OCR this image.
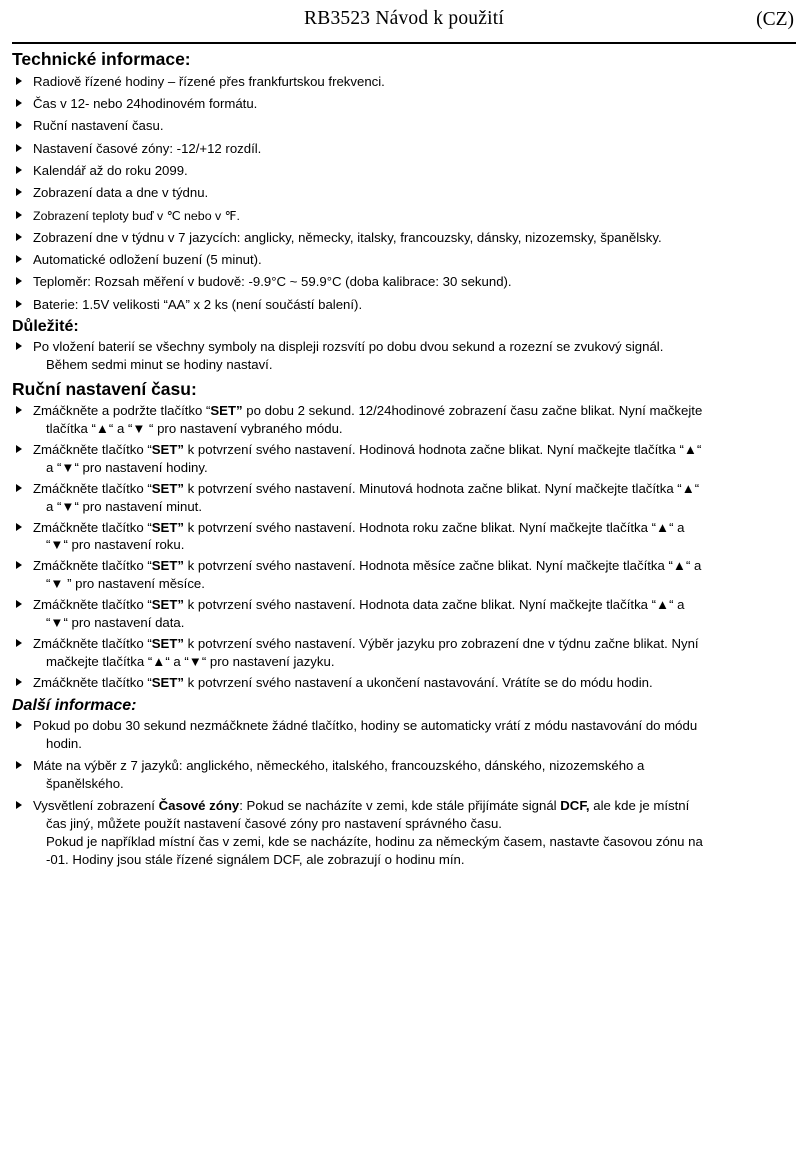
RB3523 Návod k použití	(CZ)
Technické informace:
Radiově řízené hodiny – řízené přes frankfurtskou frekvenci.
Čas v 12- nebo 24hodinovém formátu.
Ruční nastavení času.
Nastavení časové zóny: -12/+12 rozdíl.
Kalendář až do roku 2099.
Zobrazení data a dne v týdnu.
Zobrazení teploty buď v ℃ nebo v ℉.
Zobrazení dne v týdnu v 7 jazycích: anglicky, německy, italsky, francouzsky, dánsky, nizozemsky, španělsky.
Automatické odložení buzení (5 minut).
Teploměr: Rozsah měření v budově: -9.9°C ~ 59.9°C (doba kalibrace: 30 sekund).
Baterie: 1.5V velikosti “AA” x 2 ks (není součástí balení).
Důležité:
Po vložení baterií se všechny symboly na displeji rozsvítí po dobu dvou sekund a rozezní se zvukový signál.
Během sedmi minut se hodiny nastaví.
Ruční nastavení času:
Zmáčkněte a podržte tlačítko “SET” po dobu 2 sekund. 12/24hodinové zobrazení času začne blikat. Nyní mačkejte
tlačítka “▲“ a “▼ “ pro nastavení vybraného módu.
Zmáčkněte tlačítko “SET” k potvrzení svého nastavení. Hodinová hodnota začne blikat. Nyní mačkejte tlačítka “▲“
a “▼“ pro nastavení hodiny.
Zmáčkněte tlačítko “SET” k potvrzení svého nastavení. Minutová hodnota začne blikat. Nyní mačkejte tlačítka “▲“
a “▼“ pro nastavení minut.
Zmáčkněte tlačítko “SET” k potvrzení svého nastavení. Hodnota roku začne blikat. Nyní mačkejte tlačítka “▲“ a
“▼“ pro nastavení roku.
Zmáčkněte tlačítko “SET” k potvrzení svého nastavení. Hodnota měsíce začne blikat. Nyní mačkejte tlačítka “▲“ a
“▼ ” pro nastavení měsíce.
Zmáčkněte tlačítko “SET” k potvrzení svého nastavení. Hodnota data začne blikat. Nyní mačkejte tlačítka “▲“ a
“▼“ pro nastavení data.
Zmáčkněte tlačítko “SET” k potvrzení svého nastavení. Výběr jazyku pro zobrazení dne v týdnu začne blikat. Nyní
mačkejte tlačítka “▲“ a “▼“ pro nastavení jazyku.
Zmáčkněte tlačítko “SET” k potvrzení svého nastavení a ukončení nastavování. Vrátíte se do módu hodin.
Další informace:
Pokud po dobu 30 sekund nezmáčknete žádné tlačítko, hodiny se automaticky vrátí z módu nastavování do módu
hodin.
Máte na výběr z 7 jazyků: anglického, německého, italského, francouzského, dánského, nizozemského a
španělského.
Vysvětlení zobrazení Časové zóny: Pokud se nacházíte v zemi, kde stále přijímáte signál DCF, ale kde je místní
čas jiný, můžete použít nastavení časové zóny pro nastavení správného času.
Pokud je například místní čas v zemi, kde se nacházíte, hodinu za německým časem, nastavte časovou zónu na
-01. Hodiny jsou stále řízené signálem DCF, ale zobrazují o hodinu mín.
